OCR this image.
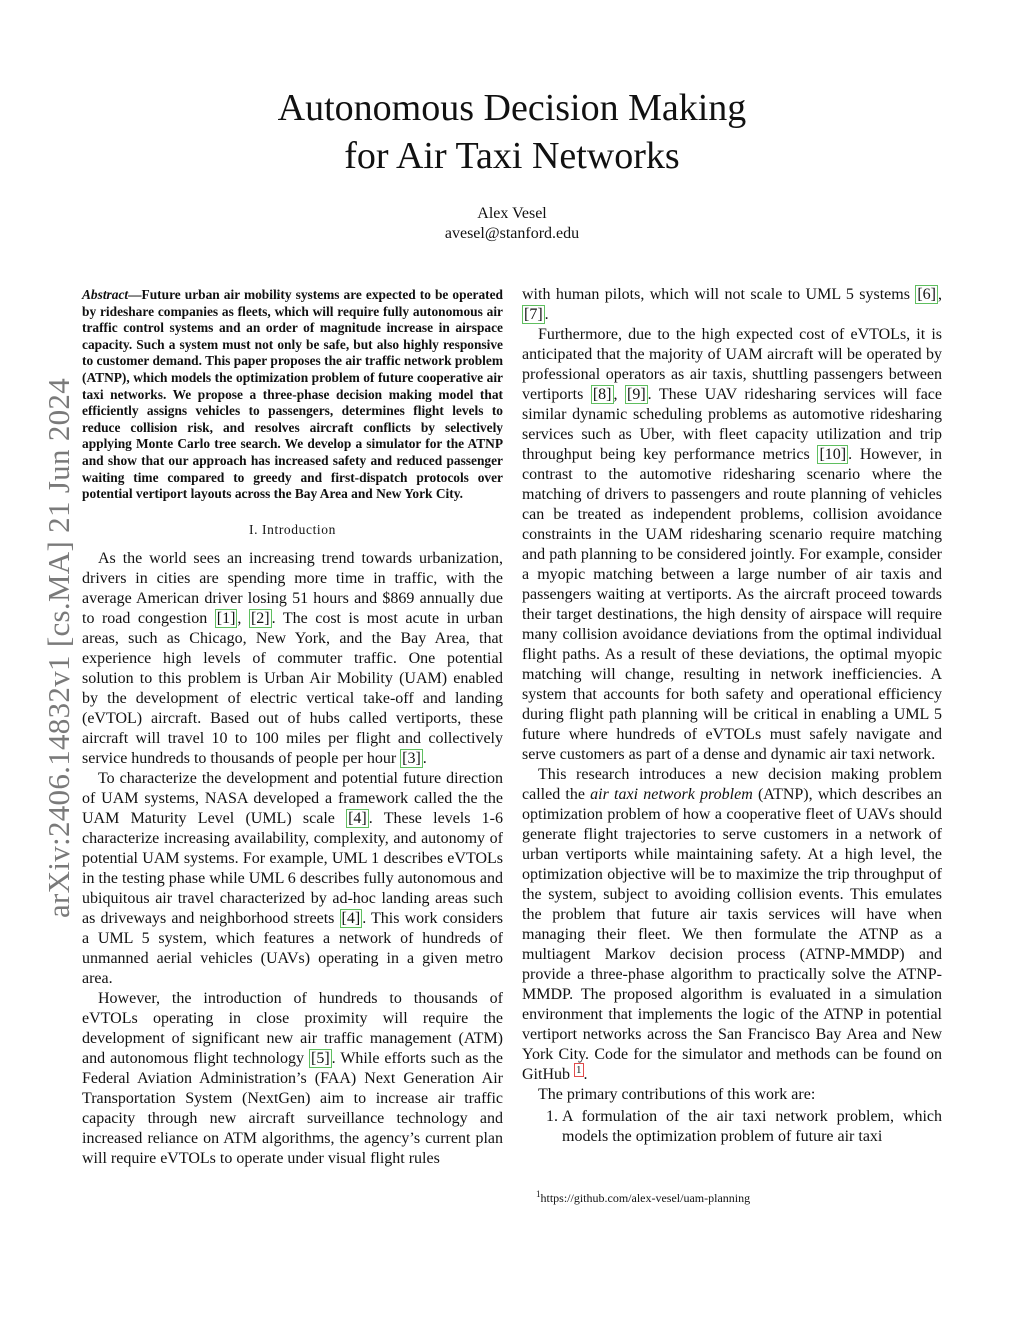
arXiv:2406.14832v1 [cs.MA] 21 Jun 2024
Autonomous Decision Making
for Air Taxi Networks
Alex Vesel
avesel@stanford.edu
Abstract—Future urban air mobility systems are expected to be operated by rideshare companies as fleets, which will require fully autonomous air traffic control systems and an order of magnitude increase in airspace capacity. Such a system must not only be safe, but also highly responsive to customer demand. This paper proposes the air traffic network problem (ATNP), which models the optimization problem of future cooperative air taxi networks. We propose a three-phase decision making model that efficiently assigns vehicles to passengers, determines flight levels to reduce collision risk, and resolves aircraft conflicts by selectively applying Monte Carlo tree search. We develop a simulator for the ATNP and show that our approach has increased safety and reduced passenger waiting time compared to greedy and first-dispatch protocols over potential vertiport layouts across the Bay Area and New York City.
I. Introduction

As the world sees an increasing trend towards urbanization, drivers in cities are spending more time in traffic, with the average American driver losing 51 hours and $869 annually due to road congestion [1] , [2] . The cost is most acute in urban areas, such as Chicago, New York, and the Bay Area, that experience high levels of commuter traffic. One potential solution to this problem is Urban Air Mobility (UAM) enabled by the development of electric vertical take-off and landing (eVTOL) aircraft. Based out of hubs called vertiports, these aircraft will travel 10 to 100 miles per flight and collectively service hundreds to thousands of people per hour [3] .

To characterize the development and potential future direction of UAM systems, NASA developed a framework called the the UAM Maturity Level (UML) scale [4] . These levels 1-6 characterize increasing availability, complexity, and autonomy of potential UAM systems. For example, UML 1 describes eVTOLs in the testing phase while UML 6 describes fully autonomous and ubiquitous air travel characterized by ad-hoc landing areas such as driveways and neighborhood streets [4] . This work considers a UML 5 system, which features a network of hundreds of unmanned aerial vehicles (UAVs) operating in a given metro area.

However, the introduction of hundreds to thousands of eVTOLs operating in close proximity will require the development of significant new air traffic management (ATM) and autonomous flight technology [5] . While efforts such as the Federal Aviation Administration’s (FAA) Next Generation Air Transportation System (NextGen) aim to increase air traffic capacity through new aircraft surveillance technology and increased reliance on ATM algorithms, the agency’s current plan will require eVTOLs to operate under visual flight rules

with human pilots, which will not scale to UML 5 systems [6] , [7] .

Furthermore, due to the high expected cost of eVTOLs, it is anticipated that the majority of UAM aircraft will be operated by professional operators as air taxis, shuttling passengers between vertiports [8] , [9] . These UAV ridesharing services will face similar dynamic scheduling problems as automotive ridesharing services such as Uber, with fleet capacity utilization and trip throughput being key performance metrics [10] . However, in contrast to the automotive ridesharing scenario where the matching of drivers to passengers and route planning of vehicles can be treated as independent problems, collision avoidance constraints in the UAM ridesharing scenario require matching and path planning to be considered jointly. For example, consider a myopic matching between a large number of air taxis and passengers waiting at vertiports. As the aircraft proceed towards their target destinations, the high density of airspace will require many collision avoidance deviations from the optimal individual flight paths. As a result of these deviations, the optimal myopic matching will change, resulting in network inefficiencies. A system that accounts for both safety and operational efficiency during flight path planning will be critical in enabling a UML 5 future where hundreds of eVTOLs must safely navigate and serve customers as part of a dense and dynamic air taxi network.

This research introduces a new decision making problem called the air taxi network problem (ATNP), which describes an optimization problem of how a cooperative fleet of UAVs should generate flight trajectories to serve customers in a network of urban vertiports while maintaining safety. At a high level, the optimization objective will be to maximize the trip throughput of the system, subject to avoiding collision events. This emulates the problem that future air taxis services will have when managing their fleet. We then formulate the ATNP as a multiagent Markov decision process (ATNP-MMDP) and provide a three-phase algorithm to practically solve the ATNP-MMDP. The proposed algorithm is evaluated in a simulation environment that implements the logic of the ATNP in potential vertiport networks across the San Francisco Bay Area and New York City. Code for the simulator and methods can be found on GitHub $^1$ .

The primary contributions of this work are:

1. A formulation of the air taxi network problem, which models the optimization problem of future air taxi
$^1$https://github.com/alex-vesel/uam-planning
